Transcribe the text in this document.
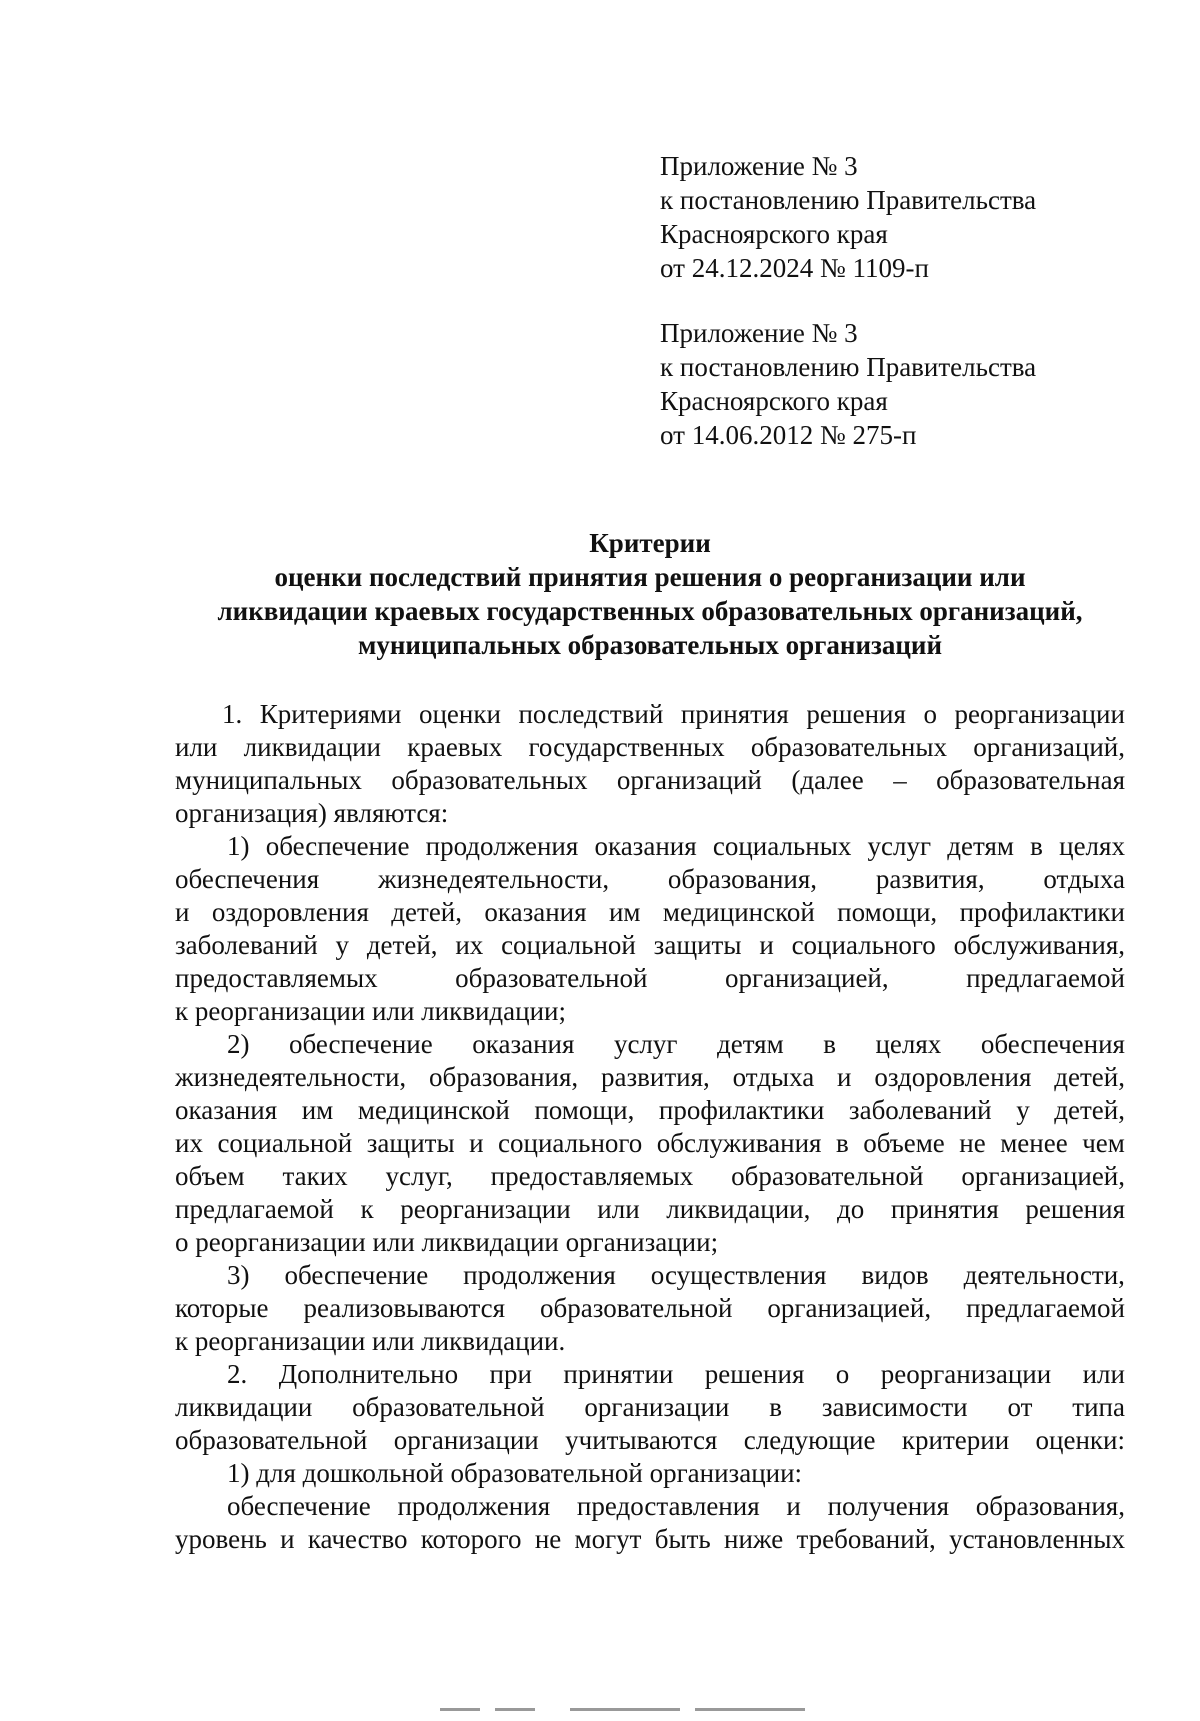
Приложение № 3
к постановлению Правительства
Красноярского края
от 24.12.2024 № 1109-п
Приложение № 3
к постановлению Правительства
Красноярского края
от 14.06.2012 № 275-п
Критерии
оценки последствий принятия решения о реорганизации или
ликвидации краевых государственных образовательных организаций,
муниципальных образовательных организаций
1. Критериями оценки последствий принятия решения о реорганизации
или ликвидации краевых государственных образовательных организаций,
муниципальных образовательных организаций (далее – образовательная
организация) являются:
1) обеспечение продолжения оказания социальных услуг детям в целях
обеспечения жизнедеятельности, образования, развития, отдыха
и оздоровления детей, оказания им медицинской помощи, профилактики
заболеваний у детей, их социальной защиты и социального обслуживания,
предоставляемых	образовательной	организацией,	предлагаемой
к реорганизации или ликвидации;
2) обеспечение оказания услуг детям в целях обеспечения
жизнедеятельности, образования, развития, отдыха и оздоровления детей,
оказания им медицинской помощи, профилактики заболеваний у детей,
их социальной защиты и социального обслуживания в объеме не менее чем
объем таких услуг, предоставляемых образовательной организацией,
предлагаемой к реорганизации или ликвидации, до принятия решения
о реорганизации или ликвидации организации;
3) обеспечение продолжения осуществления видов деятельности,
которые реализовываются образовательной организацией, предлагаемой
к реорганизации или ликвидации.
2. Дополнительно при принятии решения о реорганизации или
ликвидации образовательной организации в зависимости от типа
образовательной организации учитываются следующие критерии оценки:
1) для дошкольной образовательной организации:
обеспечение продолжения предоставления и получения образования,
уровень и качество которого не могут быть ниже требований, установленных
